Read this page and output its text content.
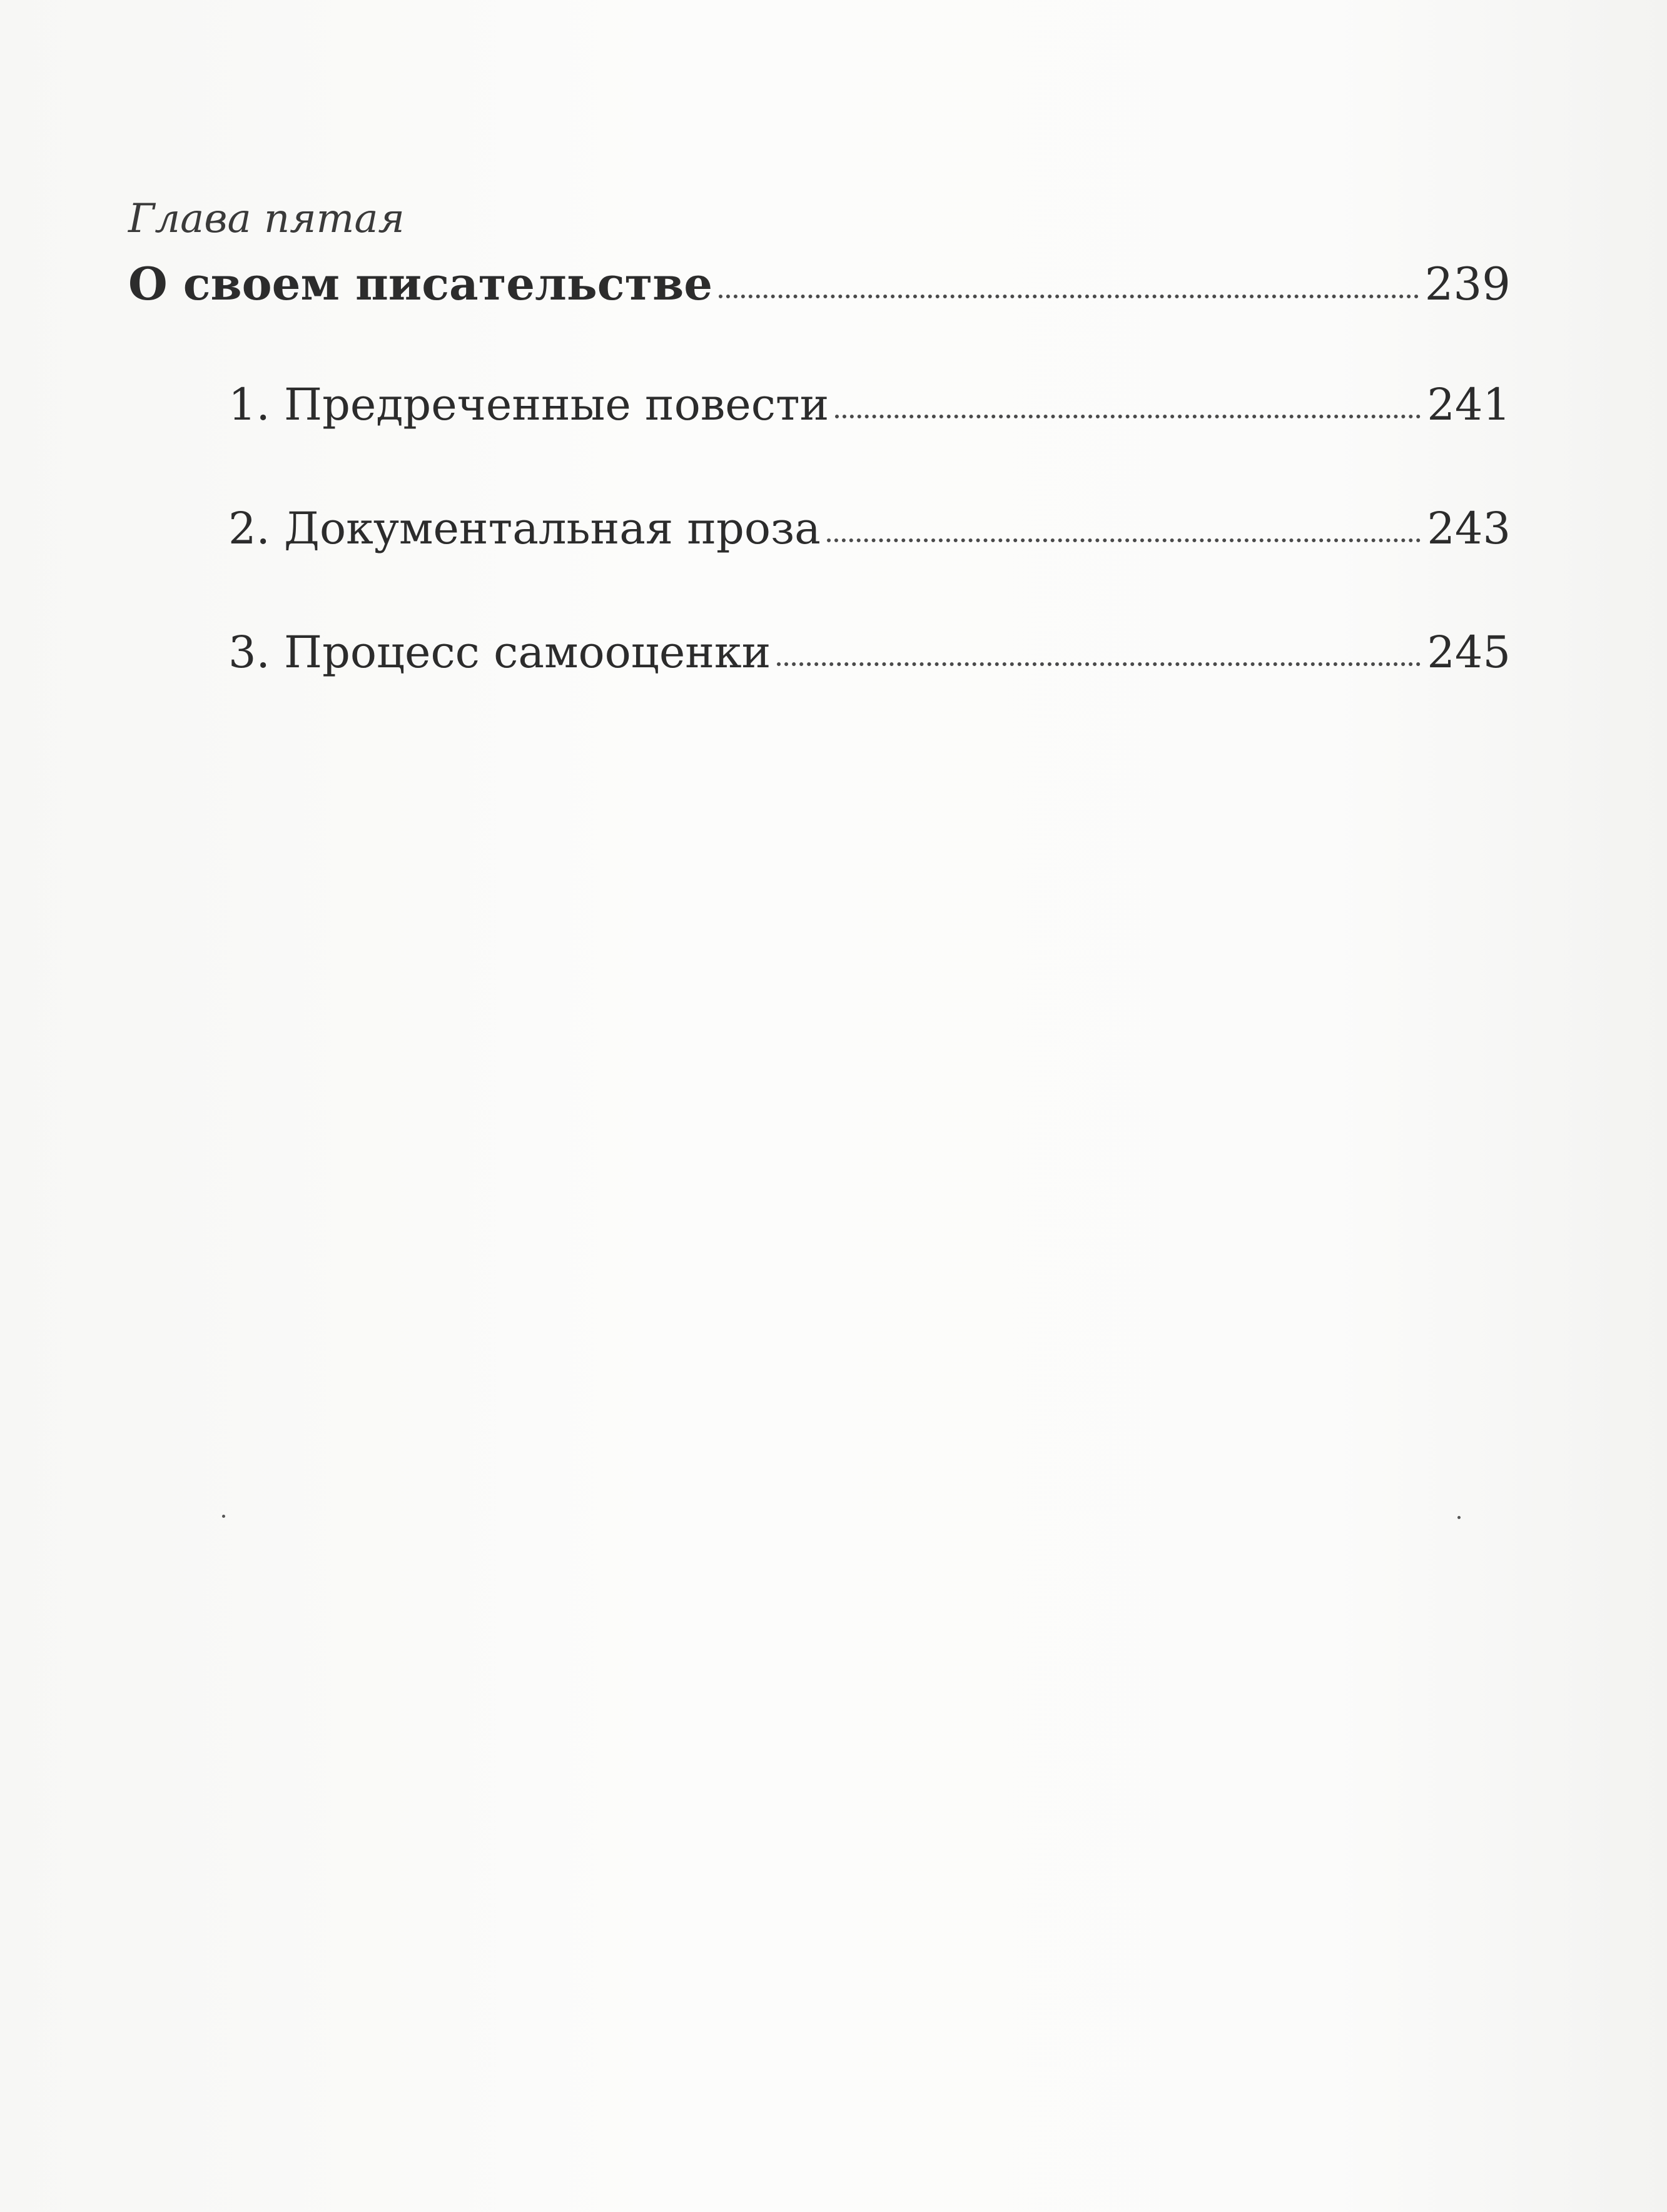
Глава пятая
О своем писательстве	239
1. Предреченные повести	241
2. Документальная проза	243
3. Процесс самооценки	245
